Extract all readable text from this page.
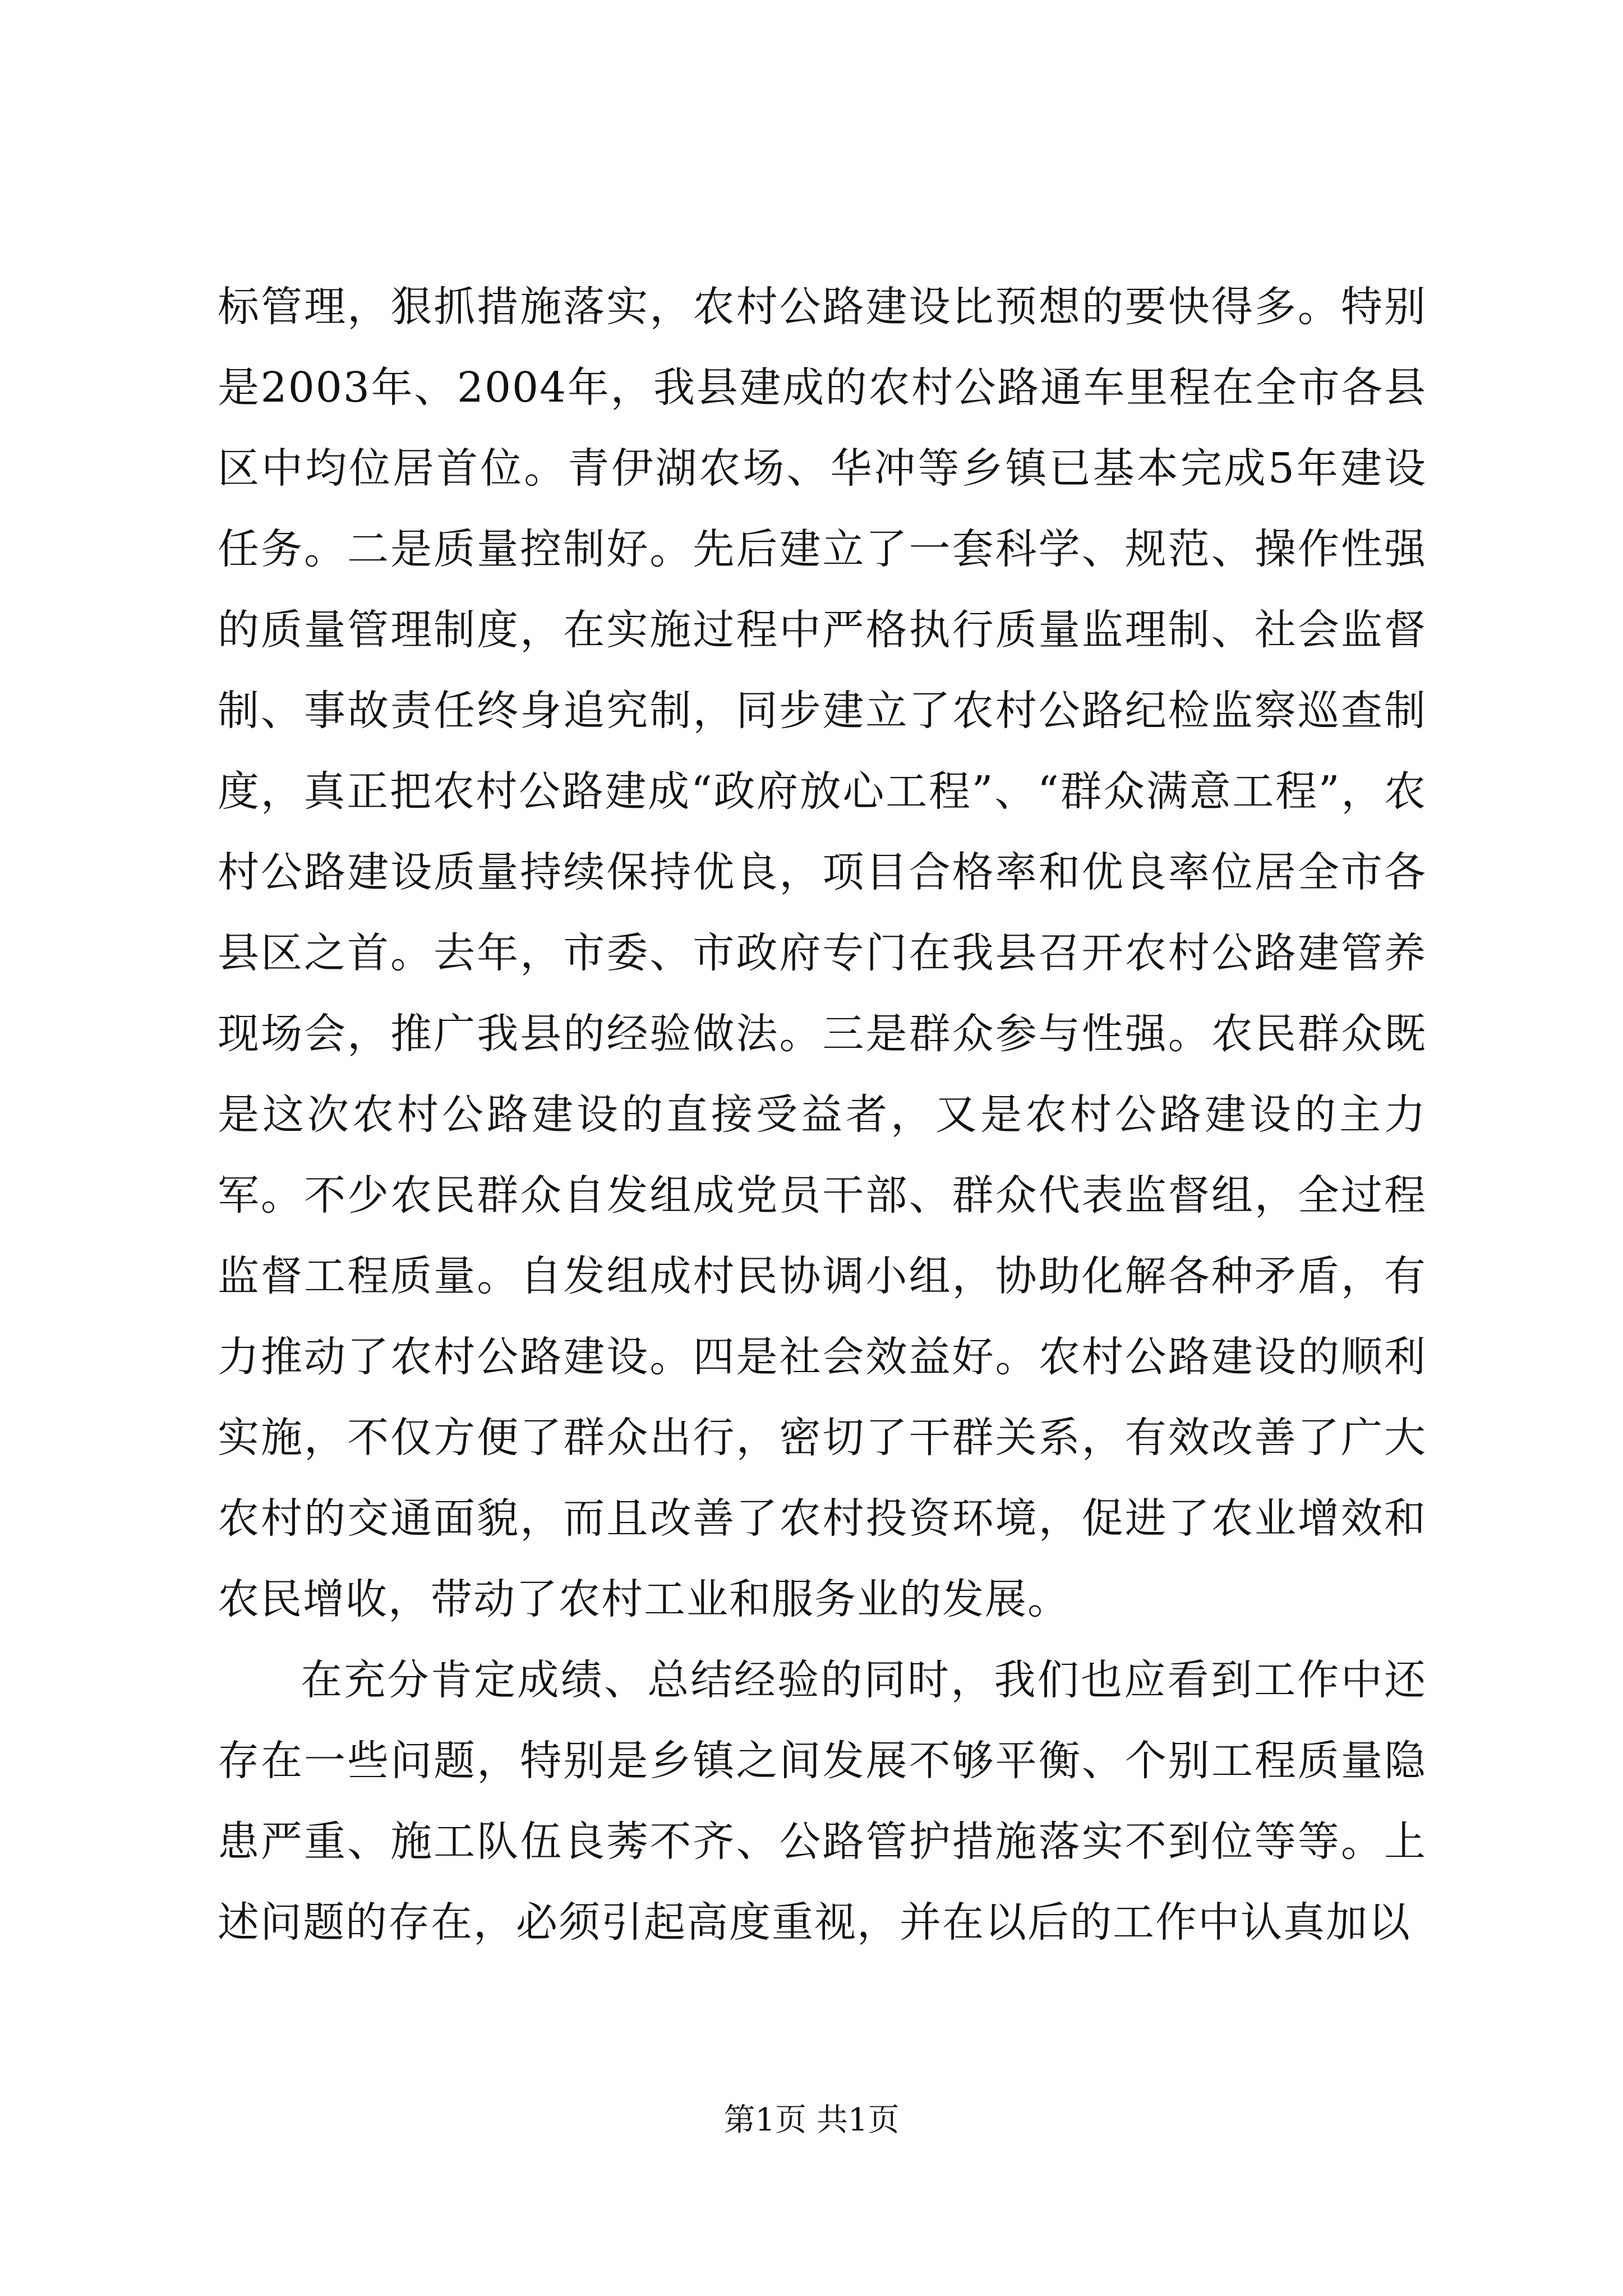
标管理，狠抓措施落实，农村公路建设比预想的要快得多。特别是2003年、2004年，我县建成的农村公路通车里程在全市各县区中均位居首位。青伊湖农场、华冲等乡镇已基本完成5年建设任务。二是质量控制好。先后建立了一套科学、规范、操作性强的质量管理制度，在实施过程中严格执行质量监理制、社会监督制、事故责任终身追究制，同步建立了农村公路纪检监察巡查制度，真正把农村公路建成“政府放心工程”、“群众满意工程”，农村公路建设质量持续保持优良，项目合格率和优良率位居全市各县区之首。去年，市委、市政府专门在我县召开农村公路建管养现场会，推广我县的经验做法。三是群众参与性强。农民群众既是这次农村公路建设的直接受益者，又是农村公路建设的主力军。不少农民群众自发组成党员干部、群众代表监督组，全过程监督工程质量。自发组成村民协调小组，协助化解各种矛盾，有力推动了农村公路建设。四是社会效益好。农村公路建设的顺利实施，不仅方便了群众出行，密切了干群关系，有效改善了广大农村的交通面貌，而且改善了农村投资环境，促进了农业增效和农民增收，带动了农村工业和服务业的发展。

在充分肯定成绩、总结经验的同时，我们也应看到工作中还存在一些问题，特别是乡镇之间发展不够平衡、个别工程质量隐患严重、施工队伍良莠不齐、公路管护措施落实不到位等等。上述问题的存在，必须引起高度重视，并在以后的工作中认真加以

第1页 共1页
